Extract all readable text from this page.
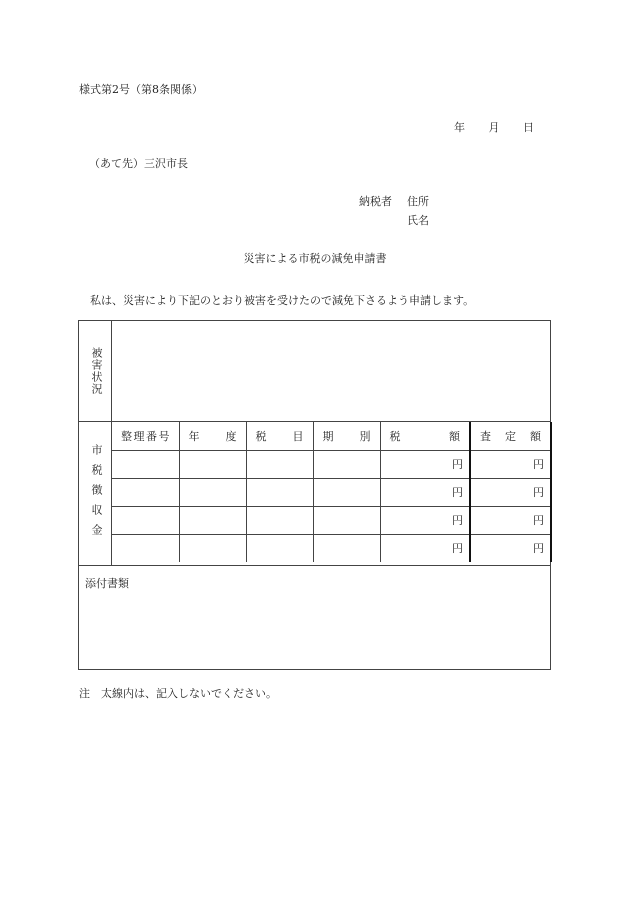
様式第2号（第8条関係）
年 月 日
（あて先）三沢市長
納税者	住所
氏名
災害による市税の減免申請書
私は、災害により下記のとおり被害を受けたので減免下さるよう申請します。
被害状況
市税徴収金
整理番号	年度	税目	期別	税額	査定額
				円	円
				円	円
				円	円
				円	円
添付書類
注　太線内は、記入しないでください。
